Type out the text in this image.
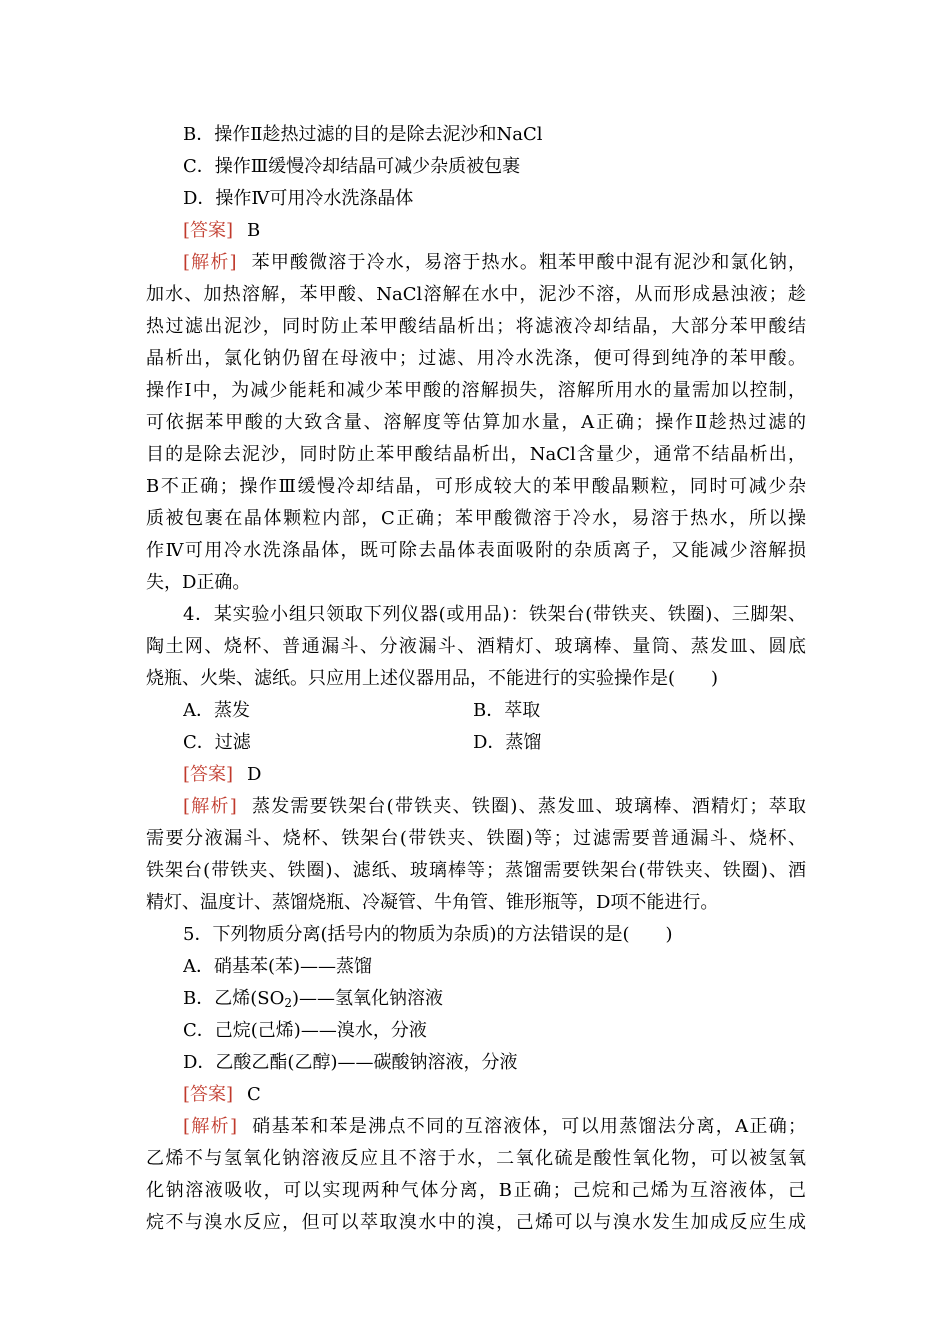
B．操作Ⅱ趁热过滤的目的是除去泥沙和NaCl
C．操作Ⅲ缓慢冷却结晶可减少杂质被包裹
D．操作Ⅳ可用冷水洗涤晶体
[答案] B
[解析] 苯甲酸微溶于冷水，易溶于热水。粗苯甲酸中混有泥沙和氯化钠，
加水、加热溶解，苯甲酸、NaCl溶解在水中，泥沙不溶，从而形成悬浊液；趁
热过滤出泥沙，同时防止苯甲酸结晶析出；将滤液冷却结晶，大部分苯甲酸结
晶析出，氯化钠仍留在母液中；过滤、用冷水洗涤，便可得到纯净的苯甲酸。
操作Ⅰ中，为减少能耗和减少苯甲酸的溶解损失，溶解所用水的量需加以控制，
可依据苯甲酸的大致含量、溶解度等估算加水量，A正确；操作Ⅱ趁热过滤的
目的是除去泥沙，同时防止苯甲酸结晶析出，NaCl含量少，通常不结晶析出，
B不正确；操作Ⅲ缓慢冷却结晶，可形成较大的苯甲酸晶颗粒，同时可减少杂
质被包裹在晶体颗粒内部，C正确；苯甲酸微溶于冷水，易溶于热水，所以操
作Ⅳ可用冷水洗涤晶体，既可除去晶体表面吸附的杂质离子，又能减少溶解损
失，D正确。
4．某实验小组只领取下列仪器(或用品)：铁架台(带铁夹、铁圈)、三脚架、
陶土网、烧杯、普通漏斗、分液漏斗、酒精灯、玻璃棒、量筒、蒸发皿、圆底
烧瓶、火柴、滤纸。只应用上述仪器用品，不能进行的实验操作是(　　)
A．蒸发	B．萃取
C．过滤	D．蒸馏
[答案] D
[解析] 蒸发需要铁架台(带铁夹、铁圈)、蒸发皿、玻璃棒、酒精灯；萃取
需要分液漏斗、烧杯、铁架台(带铁夹、铁圈)等；过滤需要普通漏斗、烧杯、
铁架台(带铁夹、铁圈)、滤纸、玻璃棒等；蒸馏需要铁架台(带铁夹、铁圈)、酒
精灯、温度计、蒸馏烧瓶、冷凝管、牛角管、锥形瓶等，D项不能进行。
5．下列物质分离(括号内的物质为杂质)的方法错误的是(　　)
A．硝基苯(苯)——蒸馏
B．乙烯$(SO_2)——$氢氧化钠溶液
C．己烷(己烯)——溴水，分液
D．乙酸乙酯(乙醇)——碳酸钠溶液，分液
[答案] C
[解析] 硝基苯和苯是沸点不同的互溶液体，可以用蒸馏法分离，A正确；
乙烯不与氢氧化钠溶液反应且不溶于水，二氧化硫是酸性氧化物，可以被氢氧
化钠溶液吸收，可以实现两种气体分离，B正确；己烷和己烯为互溶液体，己
烷不与溴水反应，但可以萃取溴水中的溴，己烯可以与溴水发生加成反应生成
